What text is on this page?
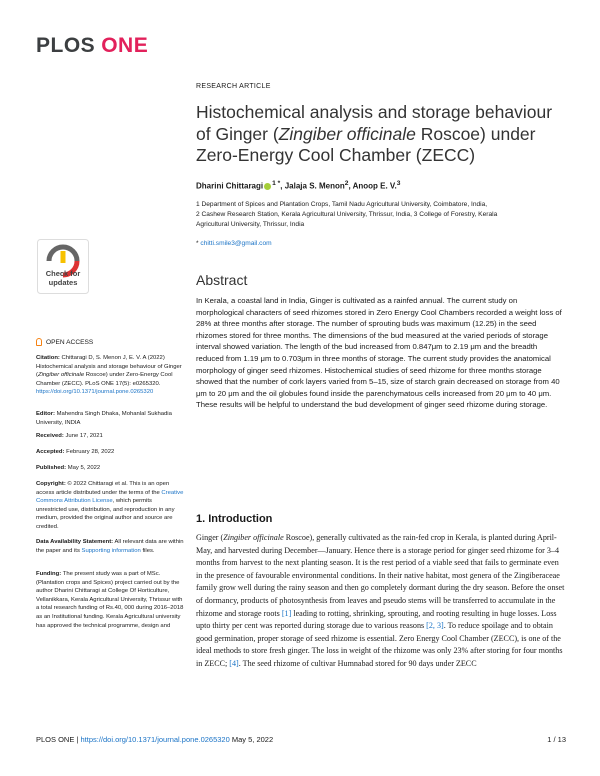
PLOS ONE
RESEARCH ARTICLE
Histochemical analysis and storage behaviour
of Ginger (Zingiber officinale Roscoe) under
Zero-Energy Cool Chamber (ZECC)
Dharini Chittaragi $^{1 *}$, Jalaja S. Menon$^2$, Anoop E. V.$^3$
1 Department of Spices and Plantation Crops, Tamil Nadu Agricultural University, Coimbatore, India,
2 Cashew Research Station, Kerala Agricultural University, Thrissur, India, 3 College of Forestry, Kerala
Agricultural University, Thrissur, India
* chitti.smile3@gmail.com
Check for
updates
OPEN ACCESS
Citation: Chittaragi D, S. Menon J, E. V. A (2022) Histochemical analysis and storage behaviour of Ginger (Zingiber officinale Roscoe) under Zero-Energy Cool Chamber (ZECC). PLoS ONE 17(5): e0265320. https://doi.org/10.1371/journal.pone.0265320
Editor: Mahendra Singh Dhaka, Mohanlal Sukhadia University, INDIA
Received: June 17, 2021
Accepted: February 28, 2022
Published: May 5, 2022
Copyright: © 2022 Chittaragi et al. This is an open access article distributed under the terms of the Creative Commons Attribution License, which permits unrestricted use, distribution, and reproduction in any medium, provided the original author and source are credited.
Data Availability Statement: All relevant data are within the paper and its Supporting information files.
Funding: The present study was a part of MSc. (Plantation crops and Spices) project carried out by the author Dharini Chittaragi at College Of Horticulture, Vellanikkara, Kerala Agricultural University, Thrissur with a total research funding of Rs.40, 000 during 2016–2018 as an Institutional funding. Kerala Agricultural university has approved the technical programme, design and
Abstract
In Kerala, a coastal land in India, Ginger is cultivated as a rainfed annual. The current study on morphological characters of seed rhizomes stored in Zero Energy Cool Chambers recorded a weight loss of 28% at three months after storage. The number of sprouting buds was maximum (12.25) in the seed rhizomes stored for three months. The dimensions of the bud measured at the varied periods of storage interval showed variation. The length of the bud increased from 0.847μm to 2.19 μm and the breadth reduced from 1.19 μm to 0.703μm in three months of storage. The current study provides the anatomical morphology of ginger seed rhizomes. Histochemical studies of seed rhizome for three months storage showed that the number of cork layers varied from 5–15, size of starch grain decreased on storage from 40 μm to 20 μm and the oil globules found inside the parenchymatous cells increased from 20 μm to 40 μm. These results will be helpful to understand the bud development of ginger seed rhizome during storage.
1. Introduction
Ginger (Zingiber officinale Roscoe), generally cultivated as the rain-fed crop in Kerala, is planted during April- May, and harvested during December—January. Hence there is a storage period for ginger seed rhizome for 3–4 months from harvest to the next planting season. It is the rest period of a viable seed that fails to germinate even in the presence of favourable environmental conditions. In their native habitat, most genera of the Zingiberaceae family grow well during the rainy season and then go completely dormant during the dry season. Before the onset of dormancy, products of photosynthesis from leaves and pseudo stems will be transferred to accumulate in the rhizome and storage roots [1] leading to rotting, shrinking, sprouting, and rooting resulting in huge losses. Loss upto thirty per cent was reported during storage due to various reasons [2, 3]. To reduce spoilage and to obtain good germination, proper storage of seed rhizome is essential. Zero Energy Cool Chamber (ZECC), is one of the ideal methods to store fresh ginger. The loss in weight of the rhizome was only 23% after storing for four months in ZECC; [4]. The seed rhizome of cultivar Humnabad stored for 90 days under ZECC
PLOS ONE | https://doi.org/10.1371/journal.pone.0265320 May 5, 2022	1 / 13
